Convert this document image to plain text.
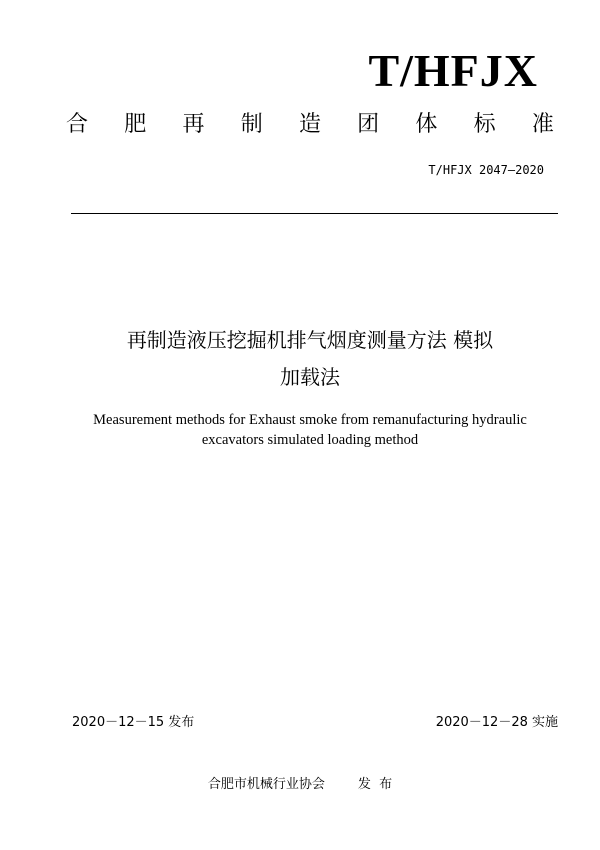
T/HFJX
合 肥 再 制 造 团 体 标 准
T/HFJX 2047—2020
再制造液压挖掘机排气烟度测量方法 模拟
加载法
Measurement methods for Exhaust smoke from remanufacturing hydraulic
excavators simulated loading method
2020－12－15 发布	2020－12－28 实施
合肥市机械行业协会	发  布
